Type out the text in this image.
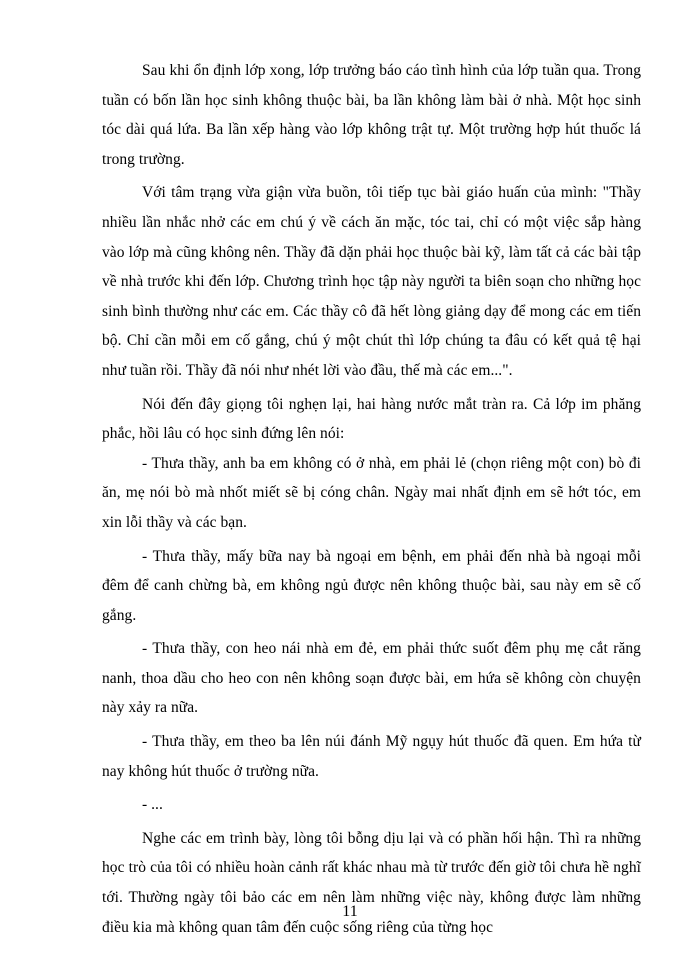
Sau khi ổn định lớp xong, lớp trưởng báo cáo tình hình của lớp tuần qua. Trong tuần có bốn lần học sinh không thuộc bài, ba lần không làm bài ở nhà. Một học sinh tóc dài quá lứa. Ba lần xếp hàng vào lớp không trật tự. Một trường hợp hút thuốc lá trong trường.

Với tâm trạng vừa giận vừa buồn, tôi tiếp tục bài giáo huấn của mình: "Thầy nhiều lần nhắc nhở các em chú ý về cách ăn mặc, tóc tai, chỉ có một việc sắp hàng vào lớp mà cũng không nên. Thầy đã dặn phải học thuộc bài kỹ, làm tất cả các bài tập về nhà trước khi đến lớp. Chương trình học tập này người ta biên soạn cho những học sinh bình thường như các em. Các thầy cô đã hết lòng giảng dạy để mong các em tiến bộ. Chỉ cần mỗi em cố gắng, chú ý một chút thì lớp chúng ta đâu có kết quả tệ hại như tuần rồi. Thầy đã nói như nhét lời vào đầu, thế mà các em...".

Nói đến đây giọng tôi nghẹn lại, hai hàng nước mắt tràn ra. Cả lớp im phăng phắc, hồi lâu có học sinh đứng lên nói:

- Thưa thầy, anh ba em không có ở nhà, em phải lẻ (chọn riêng một con) bò đi ăn, mẹ nói bò mà nhốt miết sẽ bị cóng chân. Ngày mai nhất định em sẽ hớt tóc, em xin lỗi thầy và các bạn.

- Thưa thầy, mấy bữa nay bà ngoại em bệnh, em phải đến nhà bà ngoại mỗi đêm để canh chừng bà, em không ngủ được nên không thuộc bài, sau này em sẽ cố gắng.

- Thưa thầy, con heo nái nhà em đẻ, em phải thức suốt đêm phụ mẹ cắt răng nanh, thoa dầu cho heo con nên không soạn được bài, em hứa sẽ không còn chuyện này xảy ra nữa.

- Thưa thầy, em theo ba lên núi đánh Mỹ ngụy hút thuốc đã quen. Em hứa từ nay không hút thuốc ở trường nữa.

- ...

Nghe các em trình bày, lòng tôi bỗng dịu lại và có phần hối hận. Thì ra những học trò của tôi có nhiều hoàn cảnh rất khác nhau mà từ trước đến giờ tôi chưa hề nghĩ tới. Thường ngày tôi bảo các em nên làm những việc này, không được làm những điều kia mà không quan tâm đến cuộc sống riêng của từng học

11
